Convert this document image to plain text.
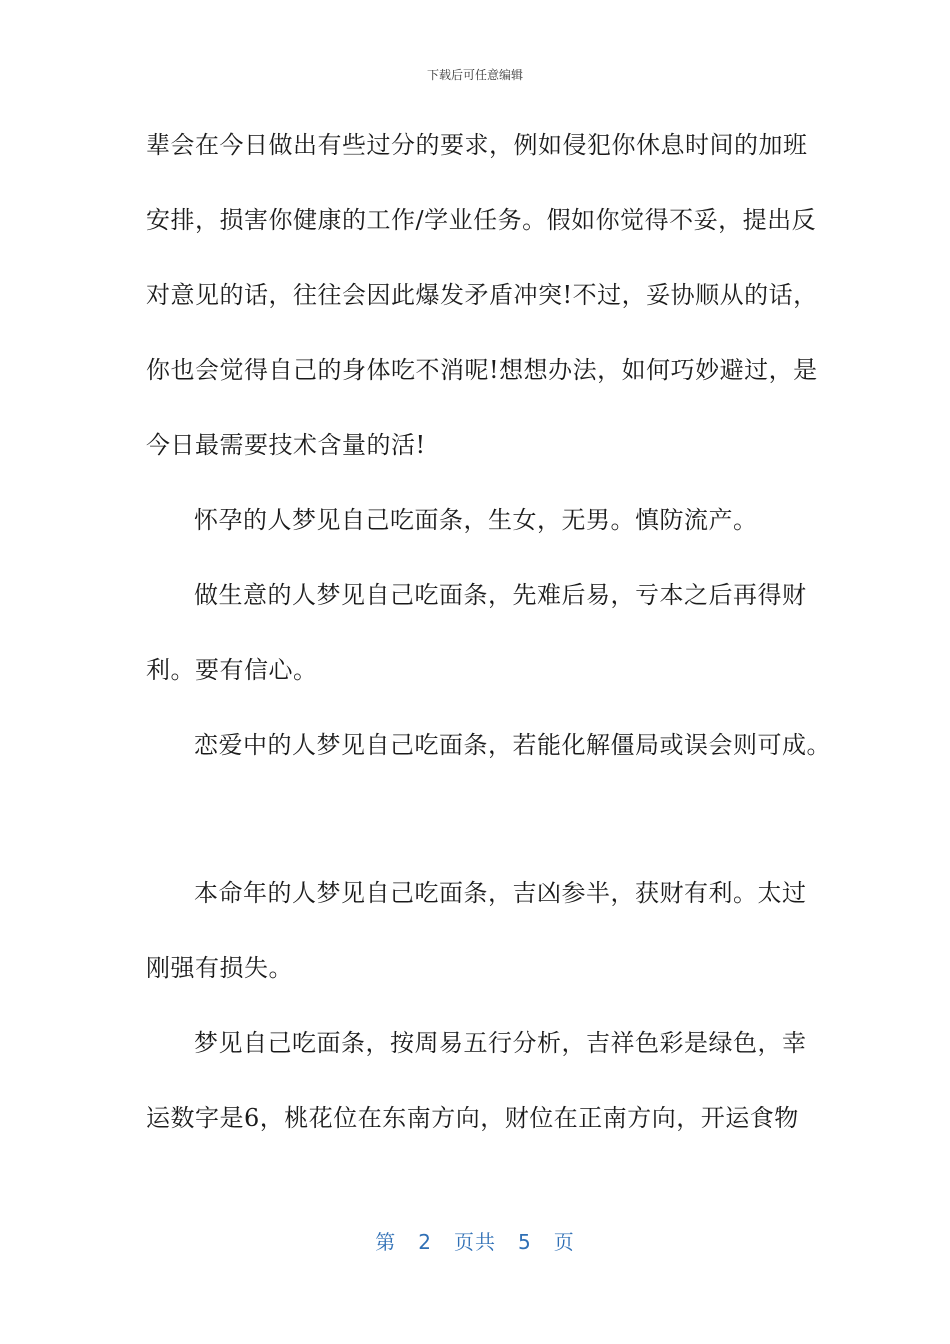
下载后可任意编辑
辈会在今日做出有些过分的要求，例如侵犯你休息时间的加班
安排，损害你健康的工作/学业任务。假如你觉得不妥，提出反
对意见的话，往往会因此爆发矛盾冲突!不过，妥协顺从的话，
你也会觉得自己的身体吃不消呢!想想办法，如何巧妙避过，是
今日最需要技术含量的活!
怀孕的人梦见自己吃面条，生女，无男。慎防流产。
做生意的人梦见自己吃面条，先难后易，亏本之后再得财
利。要有信心。
恋爱中的人梦见自己吃面条，若能化解僵局或误会则可成。
本命年的人梦见自己吃面条，吉凶参半，获财有利。太过
刚强有损失。
梦见自己吃面条，按周易五行分析，吉祥色彩是绿色，幸
运数字是6，桃花位在东南方向，财位在正南方向，开运食物
第 2 页共 5 页
